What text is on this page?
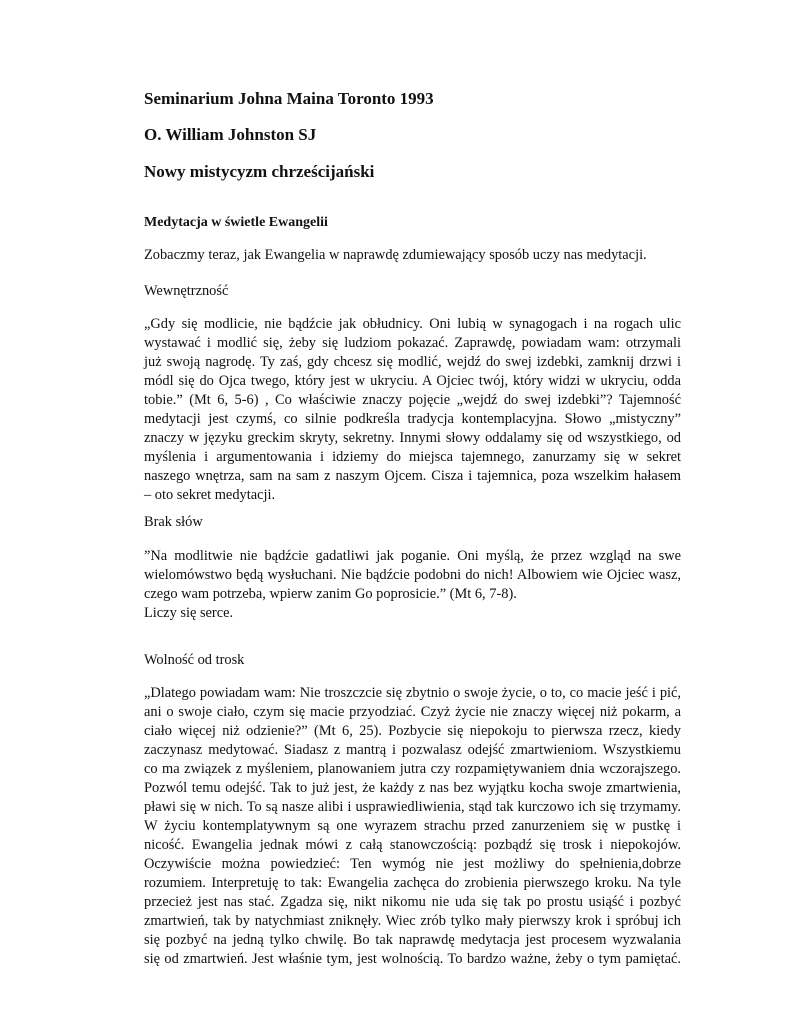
Seminarium Johna Maina Toronto 1993
O. William Johnston SJ
Nowy mistycyzm chrześcijański
Medytacja w świetle Ewangelii
Zobaczmy teraz, jak Ewangelia w naprawdę zdumiewający sposób uczy nas medytacji.
Wewnętrzność
„Gdy się modlicie, nie bądźcie jak obłudnicy. Oni lubią w synagogach i na rogach ulic
wystawać i modlić się, żeby się ludziom pokazać. Zaprawdę, powiadam wam: otrzymali
już swoją nagrodę. Ty zaś, gdy chcesz się modlić, wejdź do swej izdebki, zamknij drzwi i
módl się do Ojca twego, który jest w ukryciu. A Ojciec twój, który widzi w ukryciu, odda
tobie.” (Mt 6, 5-6) , Co właściwie znaczy pojęcie „wejdź do swej izdebki”? Tajemność
medytacji jest czymś, co silnie podkreśla tradycja kontemplacyjna. Słowo „mistyczny”
znaczy w języku greckim skryty, sekretny. Innymi słowy oddalamy się od wszystkiego, od
myślenia i argumentowania i idziemy do miejsca tajemnego, zanurzamy się w sekret
naszego wnętrza, sam na sam z naszym Ojcem. Cisza i tajemnica, poza wszelkim hałasem
– oto sekret medytacji.
Brak słów
”Na modlitwie nie bądźcie gadatliwi jak poganie. Oni myślą, że przez wzgląd na swe
wielomówstwo będą wysłuchani. Nie bądźcie podobni do nich! Albowiem wie Ojciec wasz,
czego wam potrzeba, wpierw zanim Go poprosicie.” (Mt 6, 7-8).
Liczy się serce.
Wolność od trosk
„Dlatego powiadam wam: Nie troszczcie się zbytnio o swoje życie, o to, co macie jeść i pić,
ani o swoje ciało, czym się macie przyodziać. Czyż życie nie znaczy więcej niż pokarm, a
ciało więcej niż odzienie?” (Mt 6, 25). Pozbycie się niepokoju to pierwsza rzecz, kiedy
zaczynasz medytować. Siadasz z mantrą i pozwalasz odejść zmartwieniom. Wszystkiemu
co ma związek z myśleniem, planowaniem jutra czy rozpamiętywaniem dnia wczorajszego.
Pozwól temu odejść. Tak to już jest, że każdy z nas bez wyjątku kocha swoje zmartwienia,
pławi się w nich. To są nasze alibi i usprawiedliwienia, stąd tak kurczowo ich się trzymamy.
W życiu kontemplatywnym są one wyrazem strachu przed zanurzeniem się w pustkę i
nicość. Ewangelia jednak mówi z całą stanowczością: pozbądź się trosk i niepokojów.
Oczywiście można powiedzieć: Ten wymóg nie jest możliwy do spełnienia,dobrze
rozumiem. Interpretuję to tak: Ewangelia zachęca do zrobienia pierwszego kroku. Na tyle
przecież jest nas stać. Zgadza się, nikt nikomu nie uda się tak po prostu usiąść i pozbyć
zmartwień, tak by natychmiast zniknęły. Wiec zrób tylko mały pierwszy krok i spróbuj ich
się pozbyć na jedną tylko chwilę. Bo tak naprawdę medytacja jest procesem wyzwalania
się od zmartwień. Jest właśnie tym, jest wolnością. To bardzo ważne, żeby o tym pamiętać.
